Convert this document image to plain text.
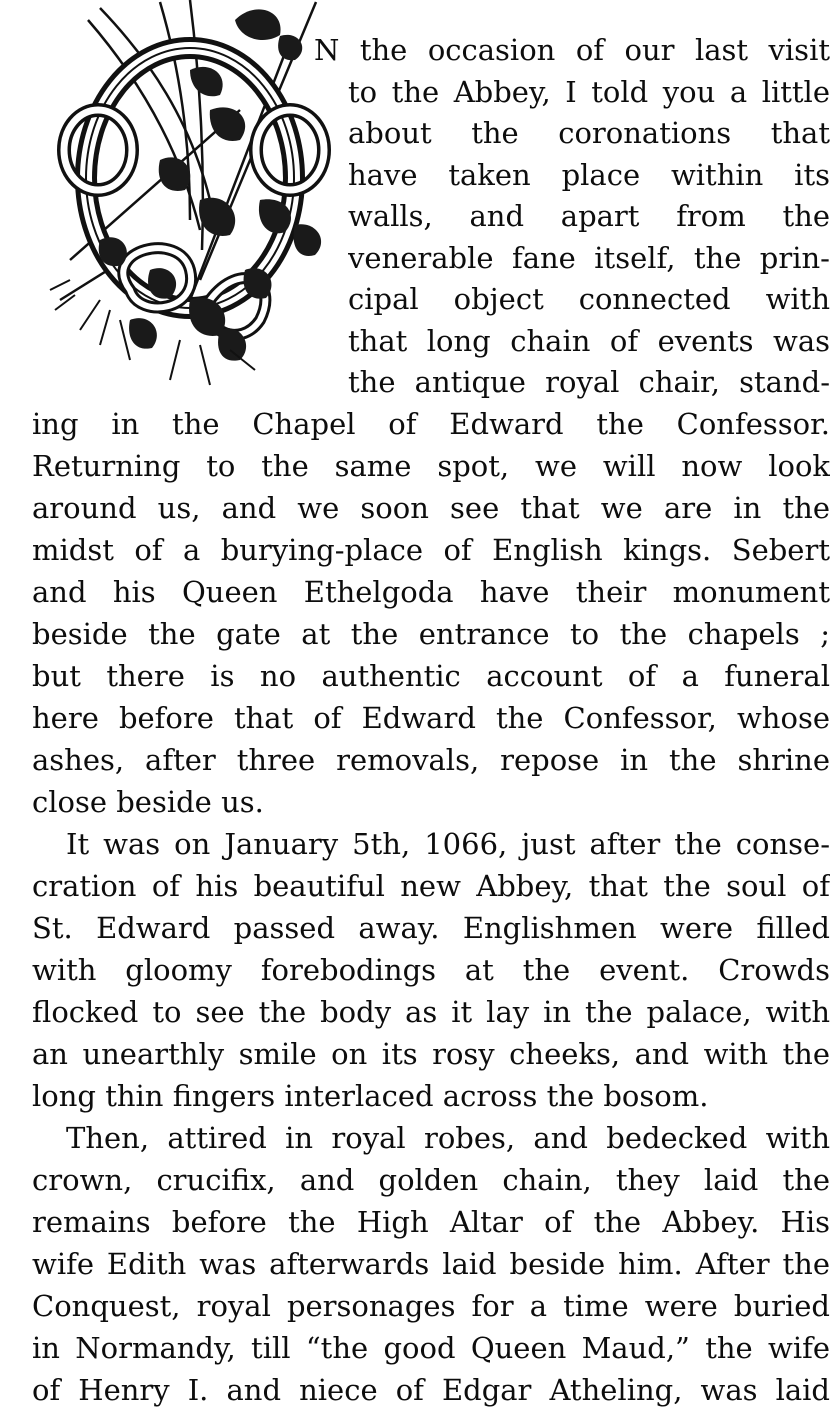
N the occasion of our last visit
to the Abbey, I told you a little
about the coronations that
have taken place within its
walls, and apart from the
venerable fane itself, the prin-
cipal object connected with
that long chain of events was
the antique royal chair, stand-
ing in the Chapel of Edward the Confessor.
Returning to the same spot, we will now look
around us, and we soon see that we are in the
midst of a burying-place of English kings. Sebert
and his Queen Ethelgoda have their monument
beside the gate at the entrance to the chapels ;
but there is no authentic account of a funeral
here before that of Edward the Confessor, whose
ashes, after three removals, repose in the shrine
close beside us.
It was on January 5th, 1066, just after the conse-
cration of his beautiful new Abbey, that the soul of
St. Edward passed away. Englishmen were filled
with gloomy forebodings at the event. Crowds
flocked to see the body as it lay in the palace, with
an unearthly smile on its rosy cheeks, and with the
long thin fingers interlaced across the bosom.
Then, attired in royal robes, and bedecked with
crown, crucifix, and golden chain, they laid the
remains before the High Altar of the Abbey. His
wife Edith was afterwards laid beside him. After the
Conquest, royal personages for a time were buried
in Normandy, till “the good Queen Maud,” the wife
of Henry I. and niece of Edgar Atheling, was laid
